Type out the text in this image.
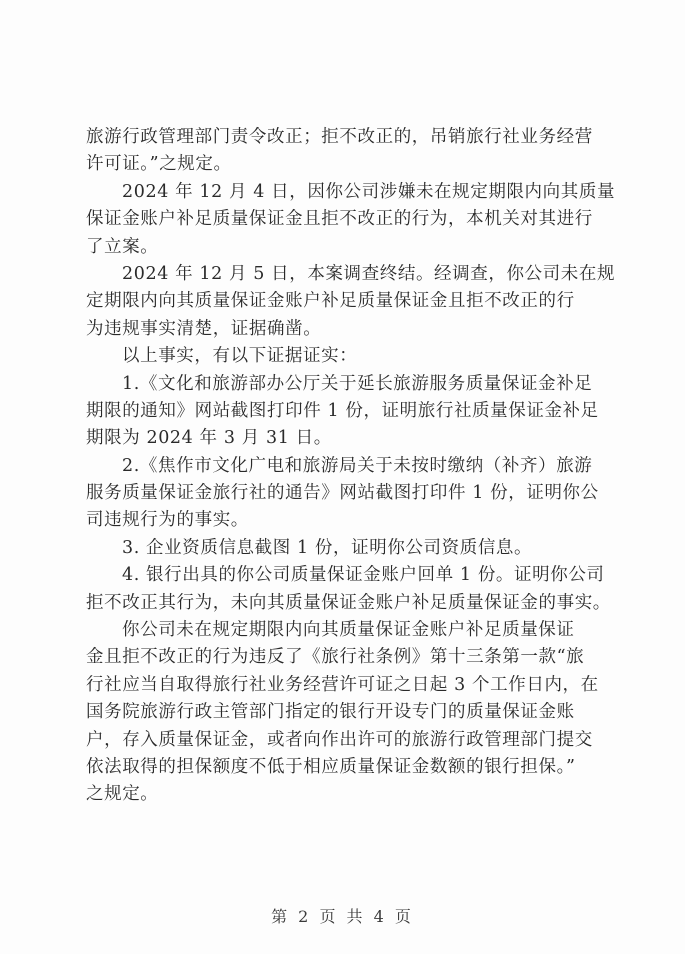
旅游行政管理部门责令改正；拒不改正的，吊销旅行社业务经营
许可证。”之规定。
2024 年 12 月 4 日，因你公司涉嫌未在规定期限内向其质量
保证金账户补足质量保证金且拒不改正的行为，本机关对其进行
了立案。
2024 年 12 月 5 日，本案调查终结。经调查，你公司未在规
定期限内向其质量保证金账户补足质量保证金且拒不改正的行
为违规事实清楚，证据确凿。
以上事实，有以下证据证实：
1.《文化和旅游部办公厅关于延长旅游服务质量保证金补足
期限的通知》网站截图打印件 1 份，证明旅行社质量保证金补足
期限为 2024 年 3 月 31 日。
2.《焦作市文化广电和旅游局关于未按时缴纳（补齐）旅游
服务质量保证金旅行社的通告》网站截图打印件 1 份，证明你公
司违规行为的事实。
3. 企业资质信息截图 1 份，证明你公司资质信息。
4. 银行出具的你公司质量保证金账户回单 1 份。证明你公司
拒不改正其行为，未向其质量保证金账户补足质量保证金的事实。
你公司未在规定期限内向其质量保证金账户补足质量保证
金且拒不改正的行为违反了《旅行社条例》第十三条第一款“旅
行社应当自取得旅行社业务经营许可证之日起 3 个工作日内，在
国务院旅游行政主管部门指定的银行开设专门的质量保证金账
户，存入质量保证金，或者向作出许可的旅游行政管理部门提交
依法取得的担保额度不低于相应质量保证金数额的银行担保。”
之规定。
第 2 页 共 4 页
